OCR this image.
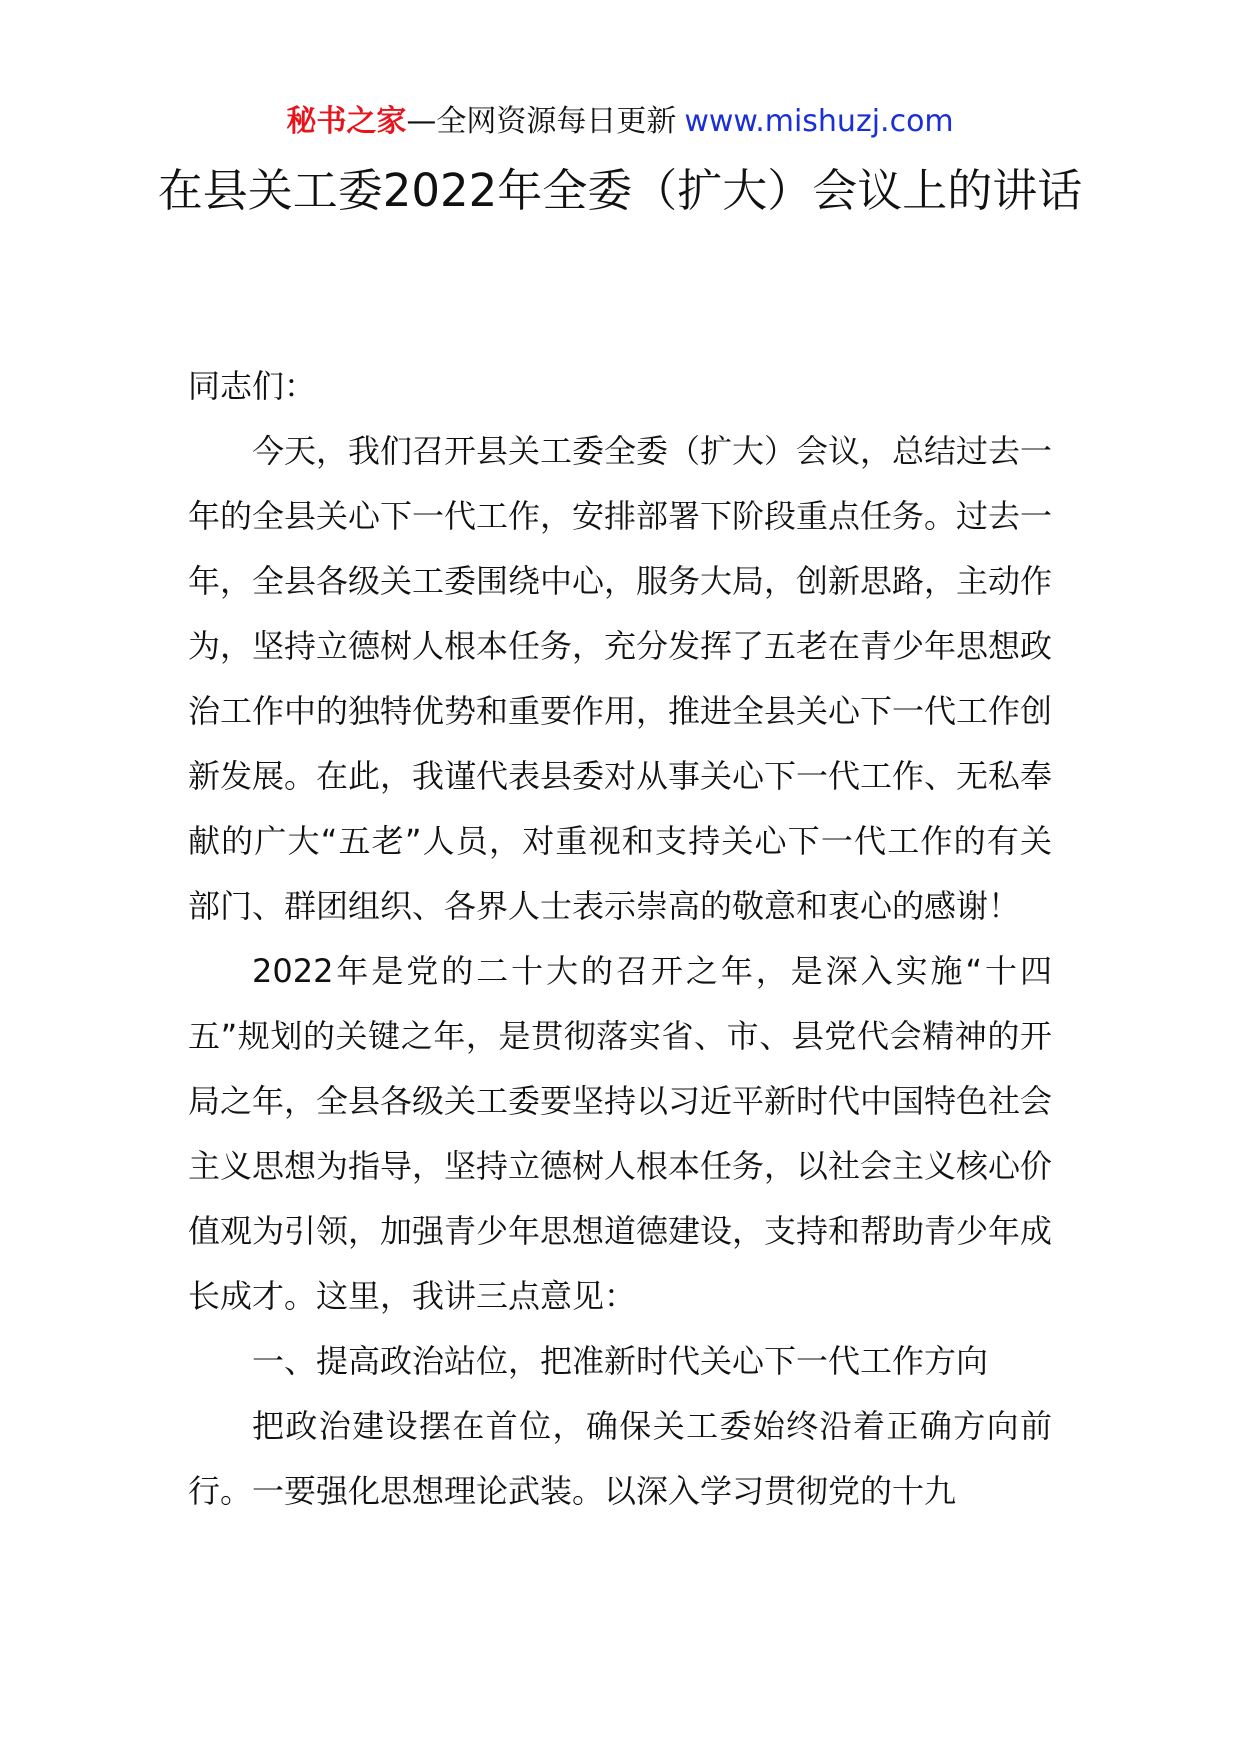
秘书之家—全网资源每日更新 www.mishuzj.com
在县关工委2022年全委（扩大）会议上的讲话

同志们：

今天，我们召开县关工委全委（扩大）会议，总结过去一年的全县关心下一代工作，安排部署下阶段重点任务。过去一年，全县各级关工委围绕中心，服务大局，创新思路，主动作为，坚持立德树人根本任务，充分发挥了五老在青少年思想政治工作中的独特优势和重要作用，推进全县关心下一代工作创新发展。在此，我谨代表县委对从事关心下一代工作、无私奉献的广大“五老”人员，对重视和支持关心下一代工作的有关部门、群团组织、各界人士表示崇高的敬意和衷心的感谢！

2022年是党的二十大的召开之年，是深入实施“十四五”规划的关键之年，是贯彻落实省、市、县党代会精神的开局之年，全县各级关工委要坚持以习近平新时代中国特色社会主义思想为指导，坚持立德树人根本任务，以社会主义核心价值观为引领，加强青少年思想道德建设，支持和帮助青少年成长成才。这里，我讲三点意见：

一、提高政治站位，把准新时代关心下一代工作方向

把政治建设摆在首位，确保关工委始终沿着正确方向前行。一要强化思想理论武装。以深入学习贯彻党的十九
